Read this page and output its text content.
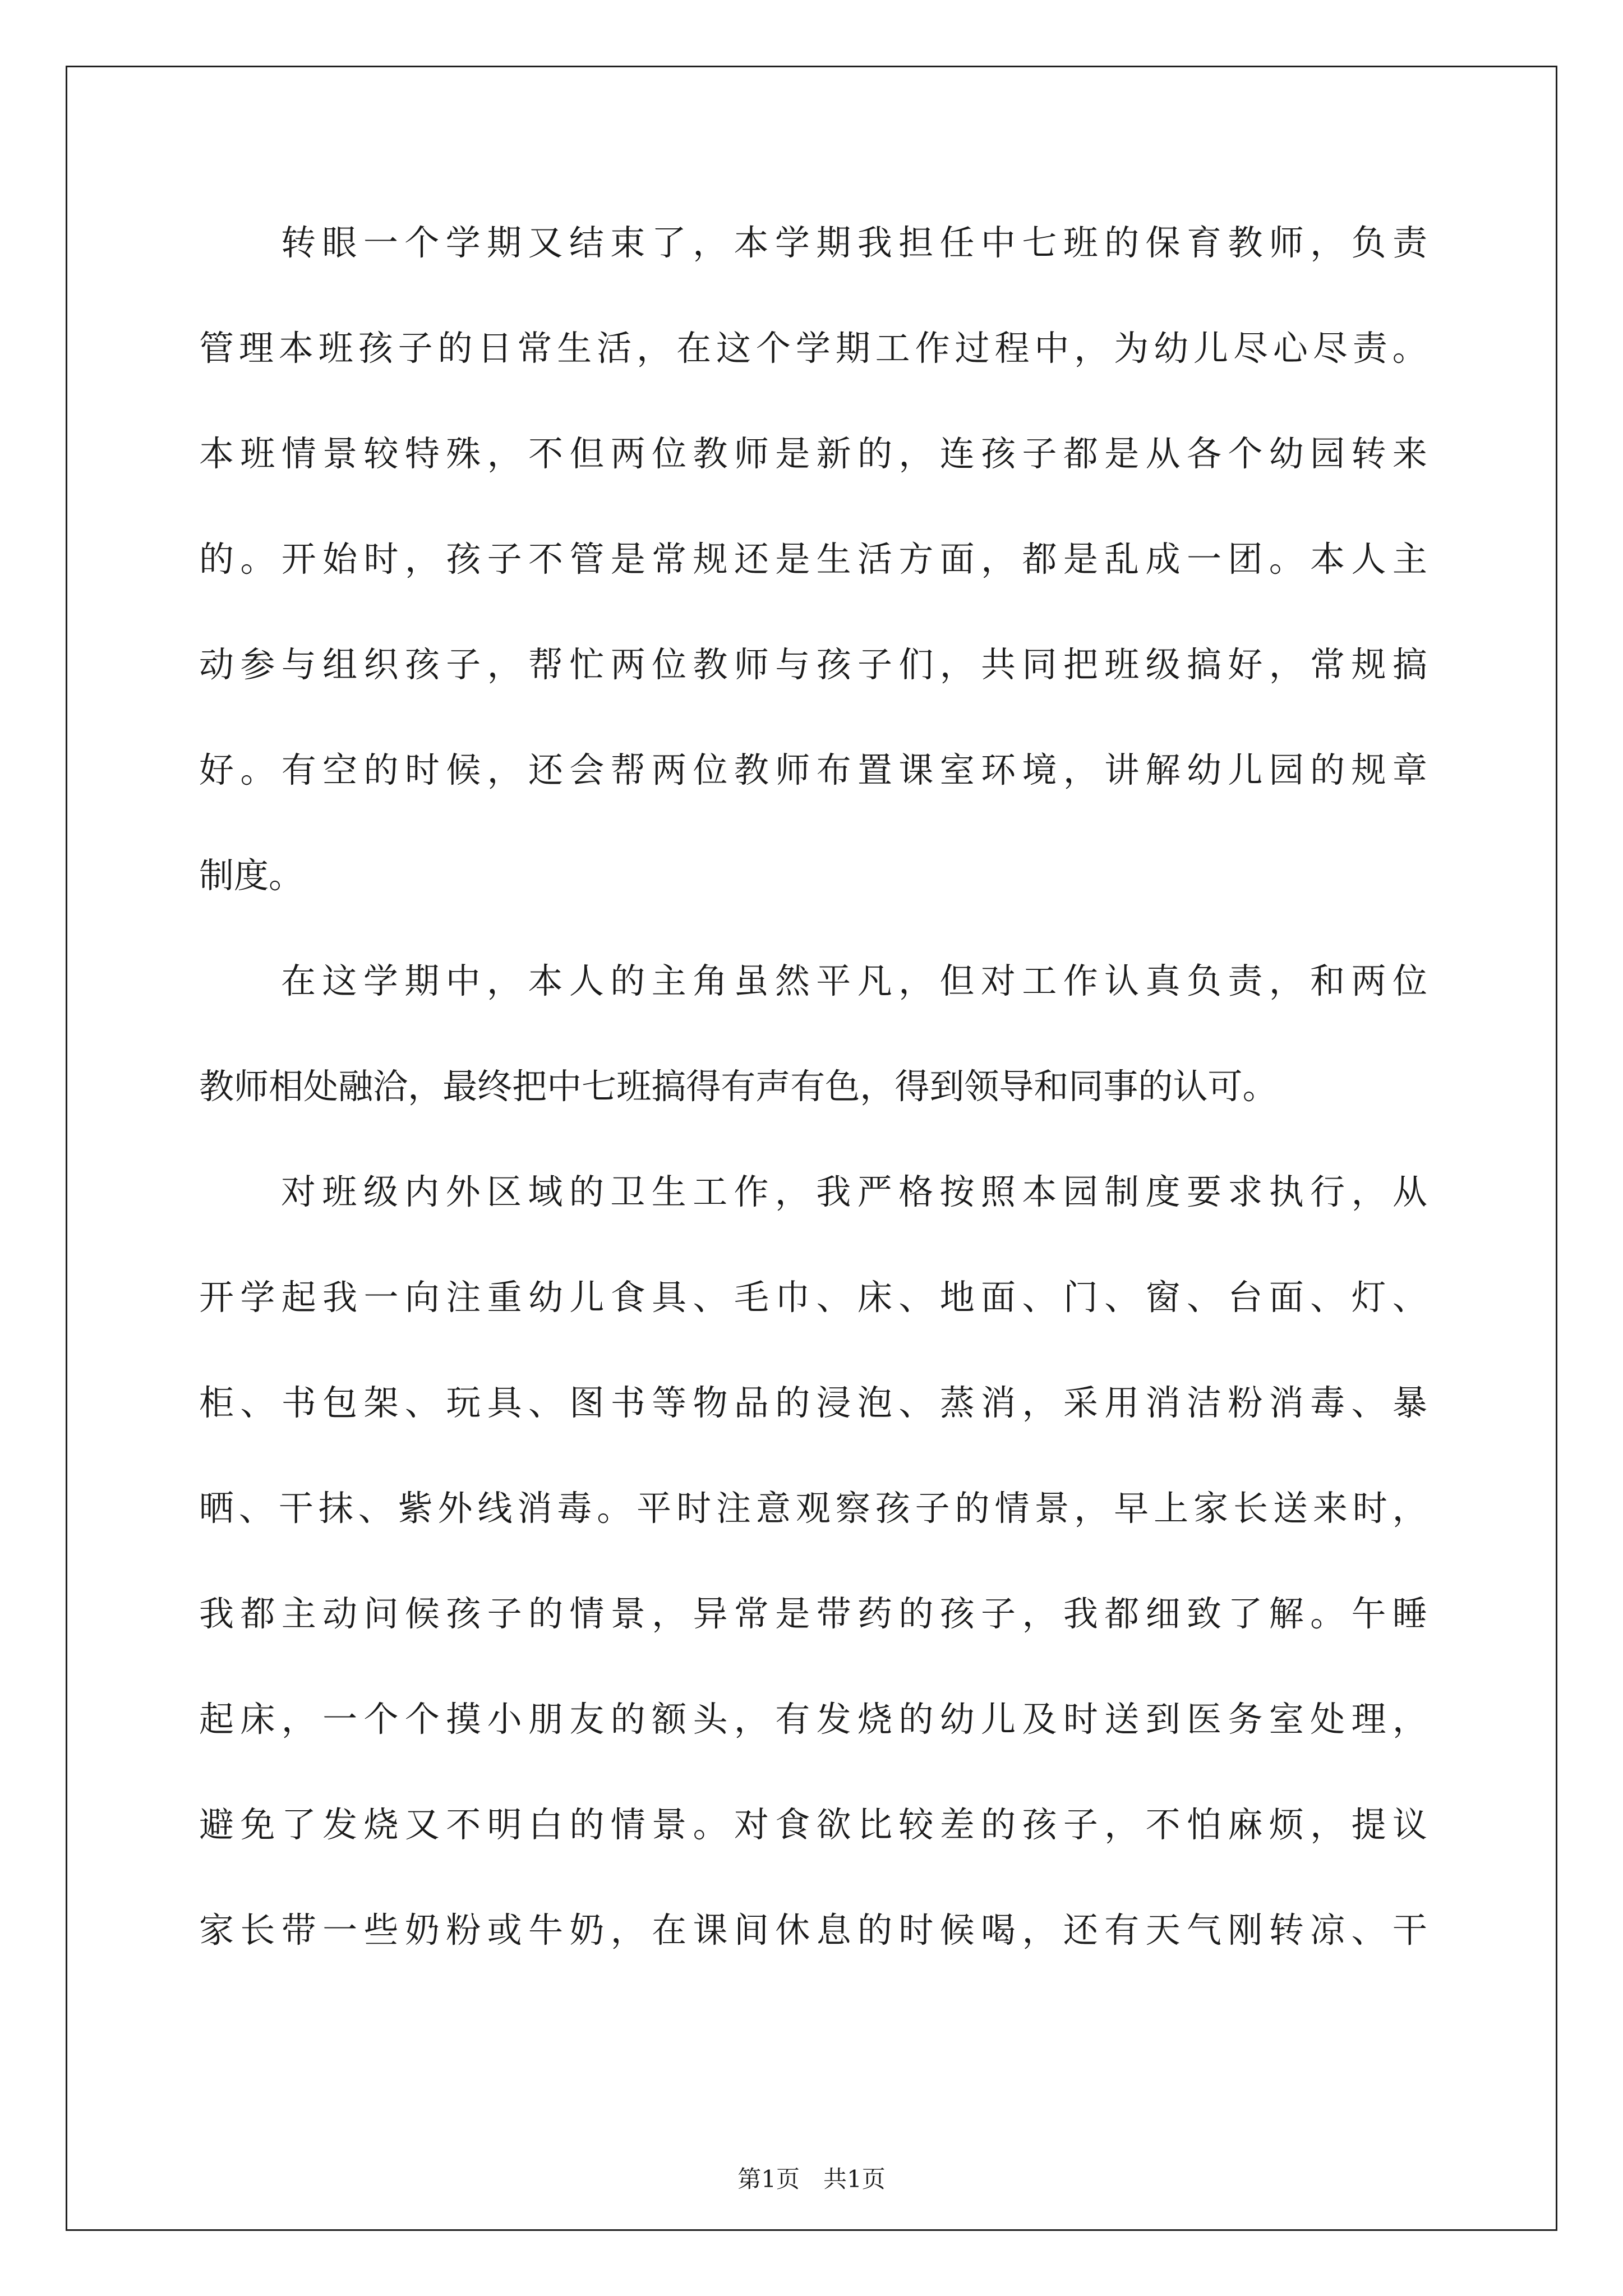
转 眼 一 个 学 期 又 结 束 了 ， 本 学 期 我 担 任 中 七 班 的 保 育 教 师 ， 负 责
管 理 本 班 孩 子 的 日 常 生 活 ， 在 这 个 学 期 工 作 过 程 中 ， 为 幼 儿 尽 心 尽 责 。
本 班 情 景 较 特 殊 ， 不 但 两 位 教 师 是 新 的 ， 连 孩 子 都 是 从 各 个 幼 园 转 来
的 。 开 始 时 ， 孩 子 不 管 是 常 规 还 是 生 活 方 面 ， 都 是 乱 成 一 团 。 本 人 主
动 参 与 组 织 孩 子 ， 帮 忙 两 位 教 师 与 孩 子 们 ， 共 同 把 班 级 搞 好 ， 常 规 搞
好 。 有 空 的 时 候 ， 还 会 帮 两 位 教 师 布 置 课 室 环 境 ， 讲 解 幼 儿 园 的 规 章
制 度 。
在 这 学 期 中 ， 本 人 的 主 角 虽 然 平 凡 ， 但 对 工 作 认 真 负 责 ， 和 两 位
教 师 相 处 融 洽 ， 最 终 把 中 七 班 搞 得 有 声 有 色 ， 得 到 领 导 和 同 事 的 认 可 。
对 班 级 内 外 区 域 的 卫 生 工 作 ， 我 严 格 按 照 本 园 制 度 要 求 执 行 ， 从
开 学 起 我 一 向 注 重 幼 儿 食 具 、 毛 巾 、 床 、 地 面 、 门 、 窗 、 台 面 、 灯 、
柜 、 书 包 架 、 玩 具 、 图 书 等 物 品 的 浸 泡 、 蒸 消 ， 采 用 消 洁 粉 消 毒 、 暴
晒 、 干 抹 、 紫 外 线 消 毒 。 平 时 注 意 观 察 孩 子 的 情 景 ， 早 上 家 长 送 来 时 ，
我 都 主 动 问 候 孩 子 的 情 景 ， 异 常 是 带 药 的 孩 子 ， 我 都 细 致 了 解 。 午 睡
起 床 ， 一 个 个 摸 小 朋 友 的 额 头 ， 有 发 烧 的 幼 儿 及 时 送 到 医 务 室 处 理 ，
避 免 了 发 烧 又 不 明 白 的 情 景 。 对 食 欲 比 较 差 的 孩 子 ， 不 怕 麻 烦 ， 提 议
家 长 带 一 些 奶 粉 或 牛 奶 ， 在 课 间 休 息 的 时 候 喝 ， 还 有 天 气 刚 转 凉 、 干
第1页　共1页
